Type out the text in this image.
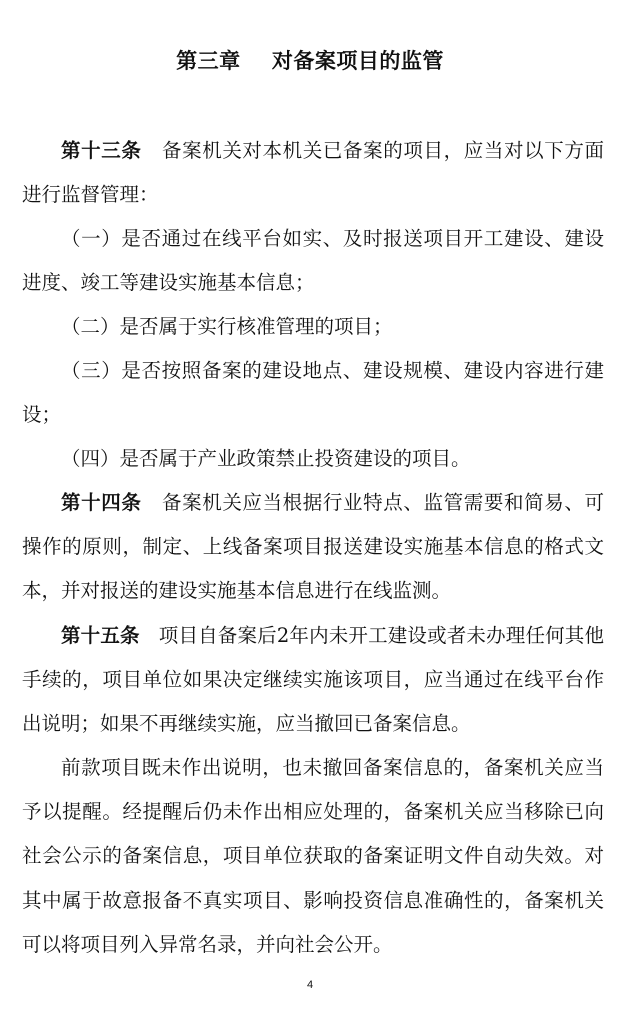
第三章    对备案项目的监管

第十三条 备案机关对本机关已备案的项目，应当对以下方面进行监督管理：

（一）是否通过在线平台如实、及时报送项目开工建设、建设进度、竣工等建设实施基本信息；

（二）是否属于实行核准管理的项目；

（三）是否按照备案的建设地点、建设规模、建设内容进行建设；

（四）是否属于产业政策禁止投资建设的项目。

第十四条 备案机关应当根据行业特点、监管需要和简易、可操作的原则，制定、上线备案项目报送建设实施基本信息的格式文本，并对报送的建设实施基本信息进行在线监测。

第十五条 项目自备案后2年内未开工建设或者未办理任何其他手续的，项目单位如果决定继续实施该项目，应当通过在线平台作出说明；如果不再继续实施，应当撤回已备案信息。

前款项目既未作出说明，也未撤回备案信息的，备案机关应当予以提醒。经提醒后仍未作出相应处理的，备案机关应当移除已向社会公示的备案信息，项目单位获取的备案证明文件自动失效。对其中属于故意报备不真实项目、影响投资信息准确性的，备案机关可以将项目列入异常名录，并向社会公开。

4
